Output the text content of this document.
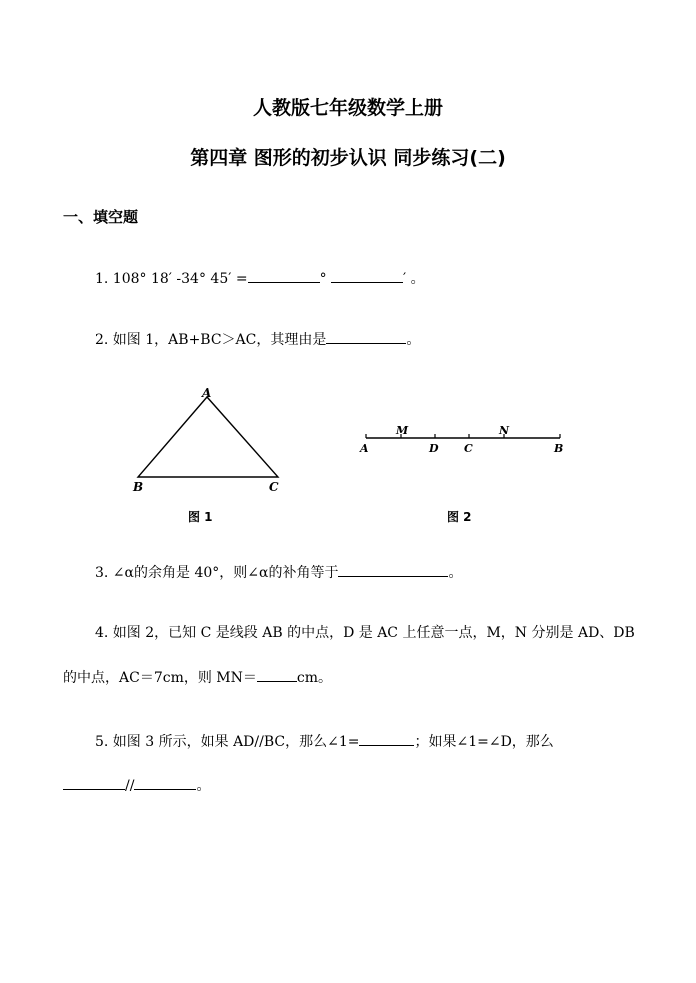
人教版七年级数学上册
第四章 图形的初步认识 同步练习(二)
一、填空题
1. 108° 18′ -34° 45′ =	°	′ 。
2. 如图 1，AB+BC＞AC，其理由是	。
A
B	C
图 1
A
M
D C
N
B
图 2
3. ∠α的余角是 40°，则∠α的补角等于	。
4. 如图 2，已知 C 是线段 AB 的中点，D 是 AC 上任意一点，M，N 分别是 AD、DB
的中点，AC＝7cm，则 MN＝	cm。
5. 如图 3 所示，如果 AD//BC，那么∠1=	；如果∠1=∠D，那么
//	。
